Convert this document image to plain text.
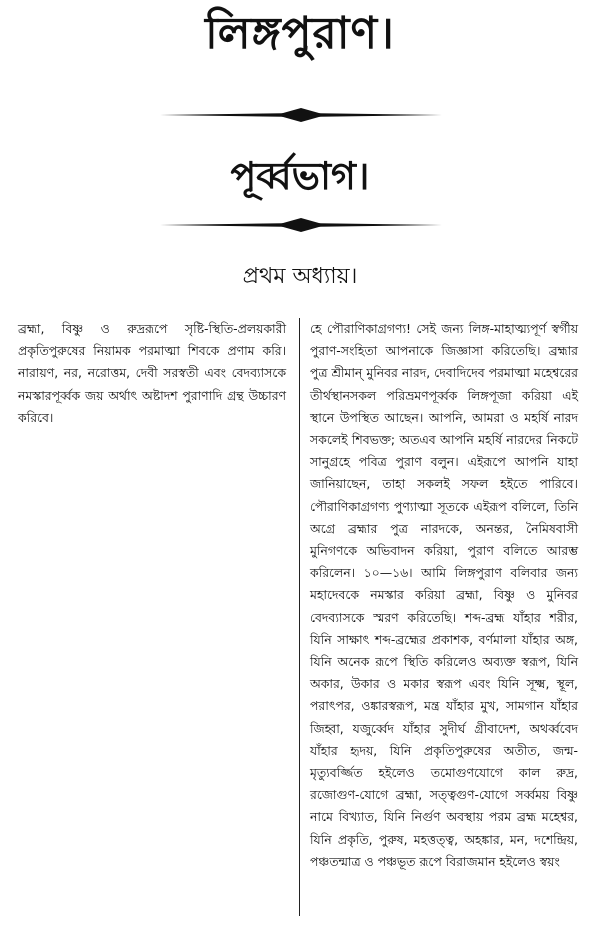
লিঙ্গপুরাণ।
পূর্ব্বভাগ।
প্রথম অধ্যায়।

ব্রহ্মা, বিষ্ণু ও রুদ্ররূপে সৃষ্টি-স্থিতি-প্রলয়কারী প্রকৃতিপুরুষের নিয়ামক পরমাত্মা শিবকে প্রণাম করি। নারায়ণ, নর, নরোত্তম, দেবী সরস্বতী এবং বেদব্যাসকে নমস্কারপূর্ব্বক জয় অর্থাৎ অষ্টাদশ পুরাণাদি গ্রন্থ উচ্চারণ করিবে।

হে পৌরাণিকাগ্রগণ্য! সেই জন্য লিঙ্গ-মাহাত্ম্যপূর্ণ স্বর্গীয় পুরাণ-সংহিতা আপনাকে জিজ্ঞাসা করিতেছি। ব্রহ্মার পুত্র শ্রীমান্ মুনিবর নারদ, দেবাদিদেব পরমাত্মা মহেশ্বরের তীর্থস্থানসকল পরিভ্রমণপূর্ব্বক লিঙ্গপূজা করিয়া এই স্থানে উপস্থিত আছেন। আপনি, আমরা ও মহর্ষি নারদ সকলেই শিবভক্ত; অতএব আপনি মহর্ষি নারদের নিকটে সানুগ্রহে পবিত্র পুরাণ বলুন। এইরূপে আপনি যাহা জানিয়াছেন, তাহা সকলই সফল হইতে পারিবে। পৌরাণিকাগ্রগণ্য পুণ্যাত্মা সূতকে এইরূপ বলিলে, তিনি অগ্রে ব্রহ্মার পুত্র নারদকে, অনন্তর, নৈমিষবাসী মুনিগণকে অভিবাদন করিয়া, পুরাণ বলিতে আরম্ভ করিলেন। ১০—১৬। আমি লিঙ্গপুরাণ বলিবার জন্য মহাদেবকে নমস্কার করিয়া ব্রহ্মা, বিষ্ণু ও মুনিবর বেদব্যাসকে স্মরণ করিতেছি। শব্দ-ব্রহ্ম যাঁহার শরীর, যিনি সাক্ষাৎ শব্দ-ব্রহ্মের প্রকাশক, বর্ণমালা যাঁহার অঙ্গ, যিনি অনেক রূপে স্থিতি করিলেও অব্যক্ত স্বরূপ, যিনি অকার, উকার ও মকার স্বরূপ এবং যিনি সূক্ষ্ম, স্থূল, পরাৎপর, ওঙ্কারস্বরূপ, মন্ত্র যাঁহার মুখ, সামগান যাঁহার জিহ্বা, যজুর্ব্বেদ যাঁহার সুদীর্ঘ গ্রীবাদেশ, অথর্ব্ববেদ যাঁহার হৃদয়, যিনি প্রকৃতিপুরুষের অতীত, জন্ম-মৃত্যুবর্জ্জিত হইলেও তমোগুণযোগে কাল রুদ্র, রজোগুণ-যোগে ব্রহ্মা, সত্ত্বগুণ-যোগে সর্ব্বময় বিষ্ণু নামে বিখ্যাত, যিনি নির্গুণ অবস্থায় পরম ব্রহ্ম মহেশ্বর, যিনি প্রকৃতি, পুরুষ, মহত্তত্ত্ব, অহঙ্কার, মন, দশেন্দ্রিয়, পঞ্চতন্মাত্র ও পঞ্চভূত রূপে বিরাজমান হইলেও স্বয়ং
